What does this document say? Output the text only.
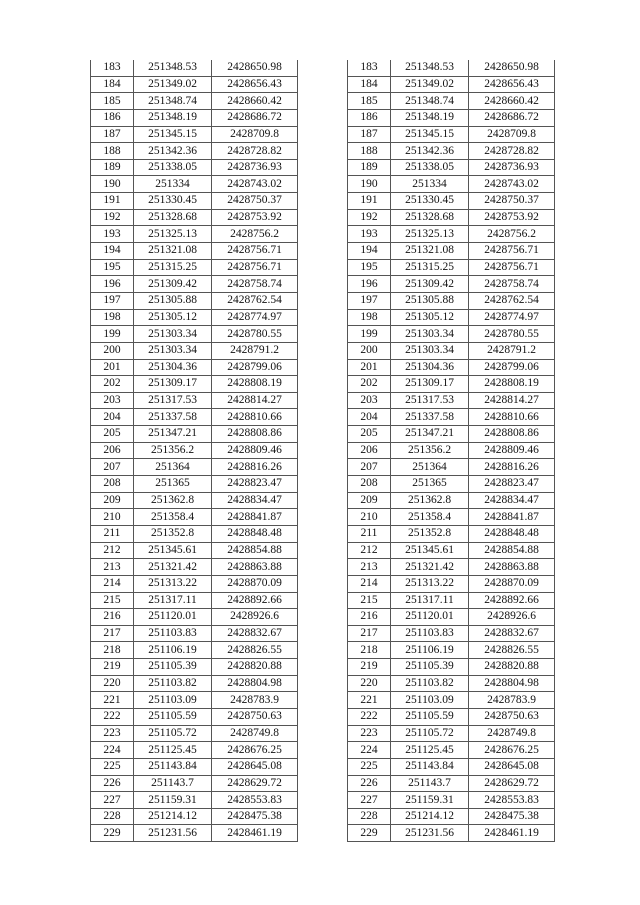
183	251348.53	2428650.98
184	251349.02	2428656.43
185	251348.74	2428660.42
186	251348.19	2428686.72
187	251345.15	2428709.8
188	251342.36	2428728.82
189	251338.05	2428736.93
190	251334	2428743.02
191	251330.45	2428750.37
192	251328.68	2428753.92
193	251325.13	2428756.2
194	251321.08	2428756.71
195	251315.25	2428756.71
196	251309.42	2428758.74
197	251305.88	2428762.54
198	251305.12	2428774.97
199	251303.34	2428780.55
200	251303.34	2428791.2
201	251304.36	2428799.06
202	251309.17	2428808.19
203	251317.53	2428814.27
204	251337.58	2428810.66
205	251347.21	2428808.86
206	251356.2	2428809.46
207	251364	2428816.26
208	251365	2428823.47
209	251362.8	2428834.47
210	251358.4	2428841.87
211	251352.8	2428848.48
212	251345.61	2428854.88
213	251321.42	2428863.88
214	251313.22	2428870.09
215	251317.11	2428892.66
216	251120.01	2428926.6
217	251103.83	2428832.67
218	251106.19	2428826.55
219	251105.39	2428820.88
220	251103.82	2428804.98
221	251103.09	2428783.9
222	251105.59	2428750.63
223	251105.72	2428749.8
224	251125.45	2428676.25
225	251143.84	2428645.08
226	251143.7	2428629.72
227	251159.31	2428553.83
228	251214.12	2428475.38
229	251231.56	2428461.19
183	251348.53	2428650.98
184	251349.02	2428656.43
185	251348.74	2428660.42
186	251348.19	2428686.72
187	251345.15	2428709.8
188	251342.36	2428728.82
189	251338.05	2428736.93
190	251334	2428743.02
191	251330.45	2428750.37
192	251328.68	2428753.92
193	251325.13	2428756.2
194	251321.08	2428756.71
195	251315.25	2428756.71
196	251309.42	2428758.74
197	251305.88	2428762.54
198	251305.12	2428774.97
199	251303.34	2428780.55
200	251303.34	2428791.2
201	251304.36	2428799.06
202	251309.17	2428808.19
203	251317.53	2428814.27
204	251337.58	2428810.66
205	251347.21	2428808.86
206	251356.2	2428809.46
207	251364	2428816.26
208	251365	2428823.47
209	251362.8	2428834.47
210	251358.4	2428841.87
211	251352.8	2428848.48
212	251345.61	2428854.88
213	251321.42	2428863.88
214	251313.22	2428870.09
215	251317.11	2428892.66
216	251120.01	2428926.6
217	251103.83	2428832.67
218	251106.19	2428826.55
219	251105.39	2428820.88
220	251103.82	2428804.98
221	251103.09	2428783.9
222	251105.59	2428750.63
223	251105.72	2428749.8
224	251125.45	2428676.25
225	251143.84	2428645.08
226	251143.7	2428629.72
227	251159.31	2428553.83
228	251214.12	2428475.38
229	251231.56	2428461.19
